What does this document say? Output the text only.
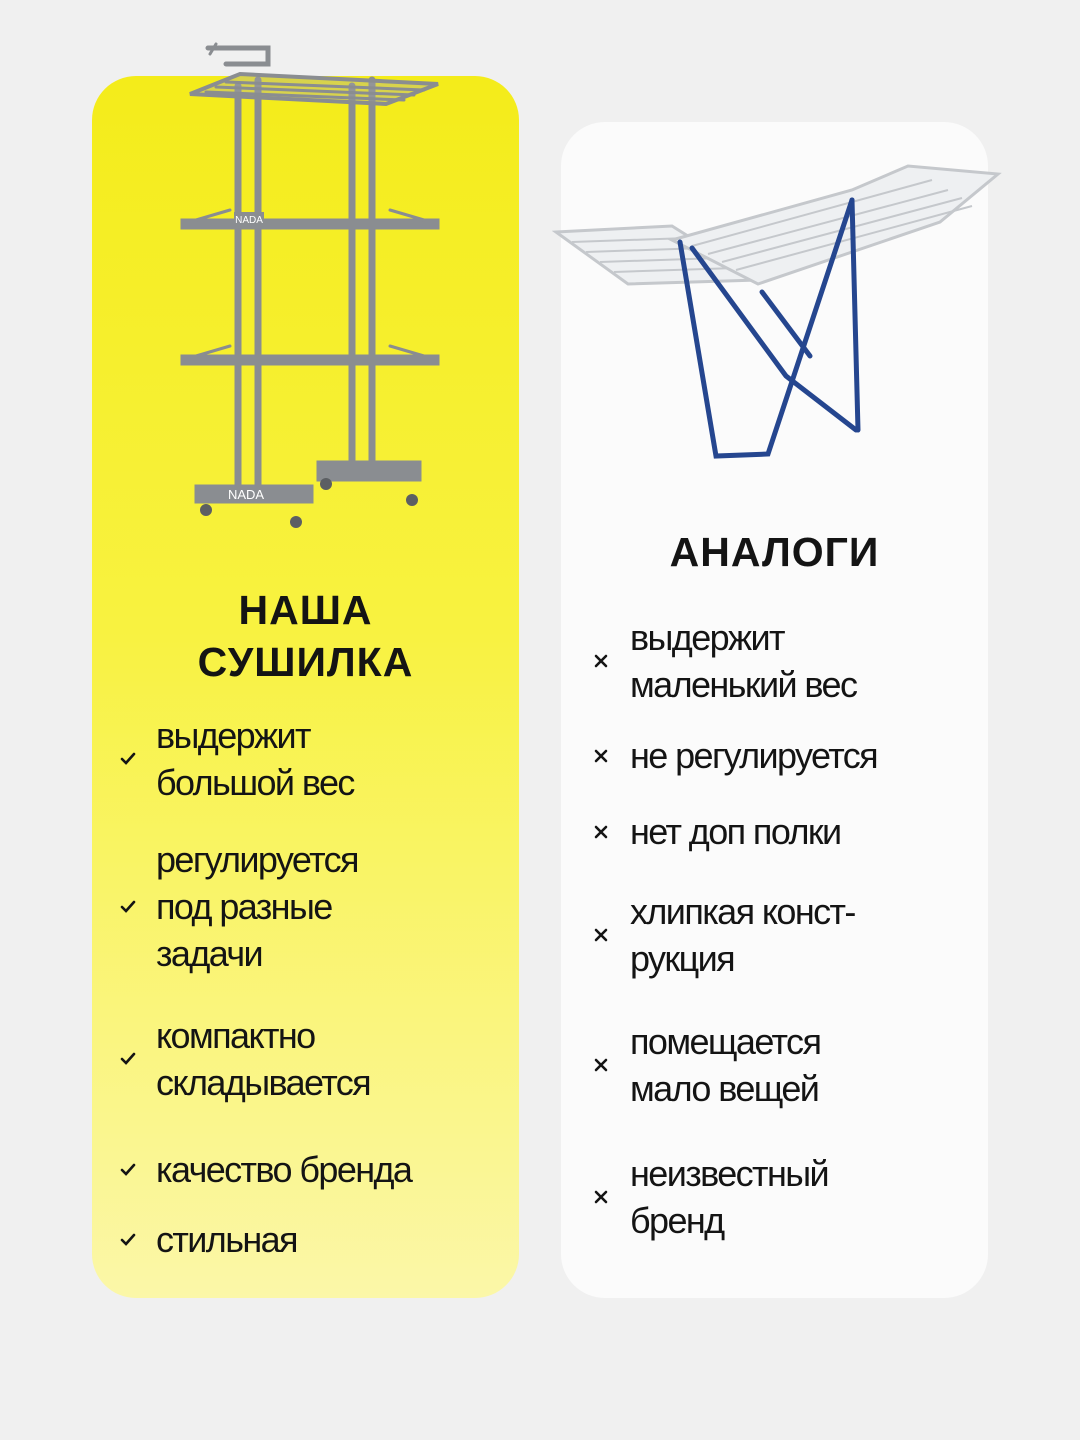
NADA
NADA
НАША
СУШИЛКА
выдержит
большой вес
регулируется
под разные
задачи
компактно
складывается
качество бренда
стильная
АНАЛОГИ
выдержит
маленький вес
не регулируется
нет доп полки
хлипкая конст-
рукция
помещается
мало вещей
неизвестный
бренд
